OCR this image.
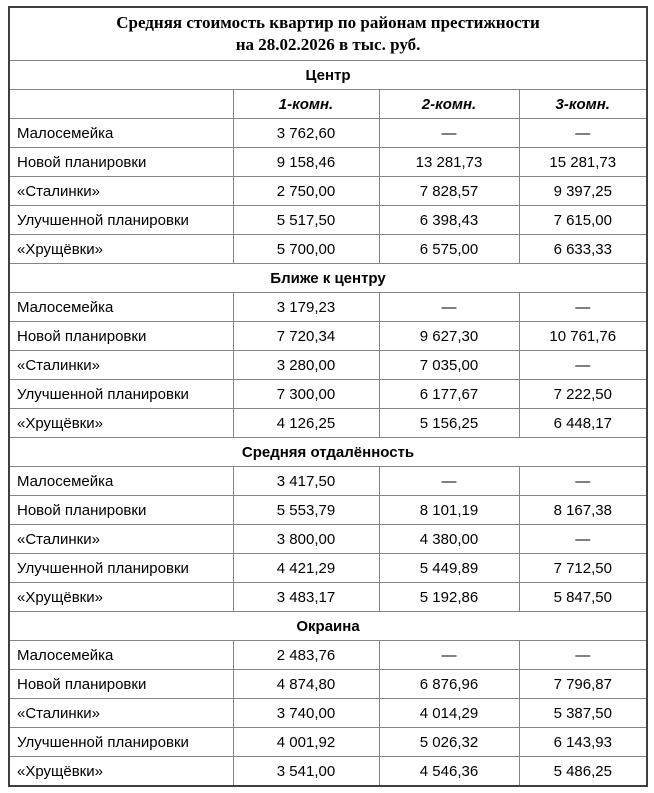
Средняя стоимость квартир по районам престижности
на 28.02.2026 в тыс. руб.			

Центр			
	1-комн.	2-комн.	3-комн.
Малосемейка	3 762,60	—	—
Новой планировки	9 158,46	13 281,73	15 281,73
«Сталинки»	2 750,00	7 828,57	9 397,25
Улучшенной планировки	5 517,50	6 398,43	7 615,00
«Хрущёвки»	5 700,00	6 575,00	6 633,33
Ближе к центру			
Малосемейка	3 179,23	—	—
Новой планировки	7 720,34	9 627,30	10 761,76
«Сталинки»	3 280,00	7 035,00	—
Улучшенной планировки	7 300,00	6 177,67	7 222,50
«Хрущёвки»	4 126,25	5 156,25	6 448,17
Средняя отдалённость			
Малосемейка	3 417,50	—	—
Новой планировки	5 553,79	8 101,19	8 167,38
«Сталинки»	3 800,00	4 380,00	—
Улучшенной планировки	4 421,29	5 449,89	7 712,50
«Хрущёвки»	3 483,17	5 192,86	5 847,50
Окраина			
Малосемейка	2 483,76	—	—
Новой планировки	4 874,80	6 876,96	7 796,87
«Сталинки»	3 740,00	4 014,29	5 387,50
Улучшенной планировки	4 001,92	5 026,32	6 143,93
«Хрущёвки»	3 541,00	4 546,36	5 486,25
